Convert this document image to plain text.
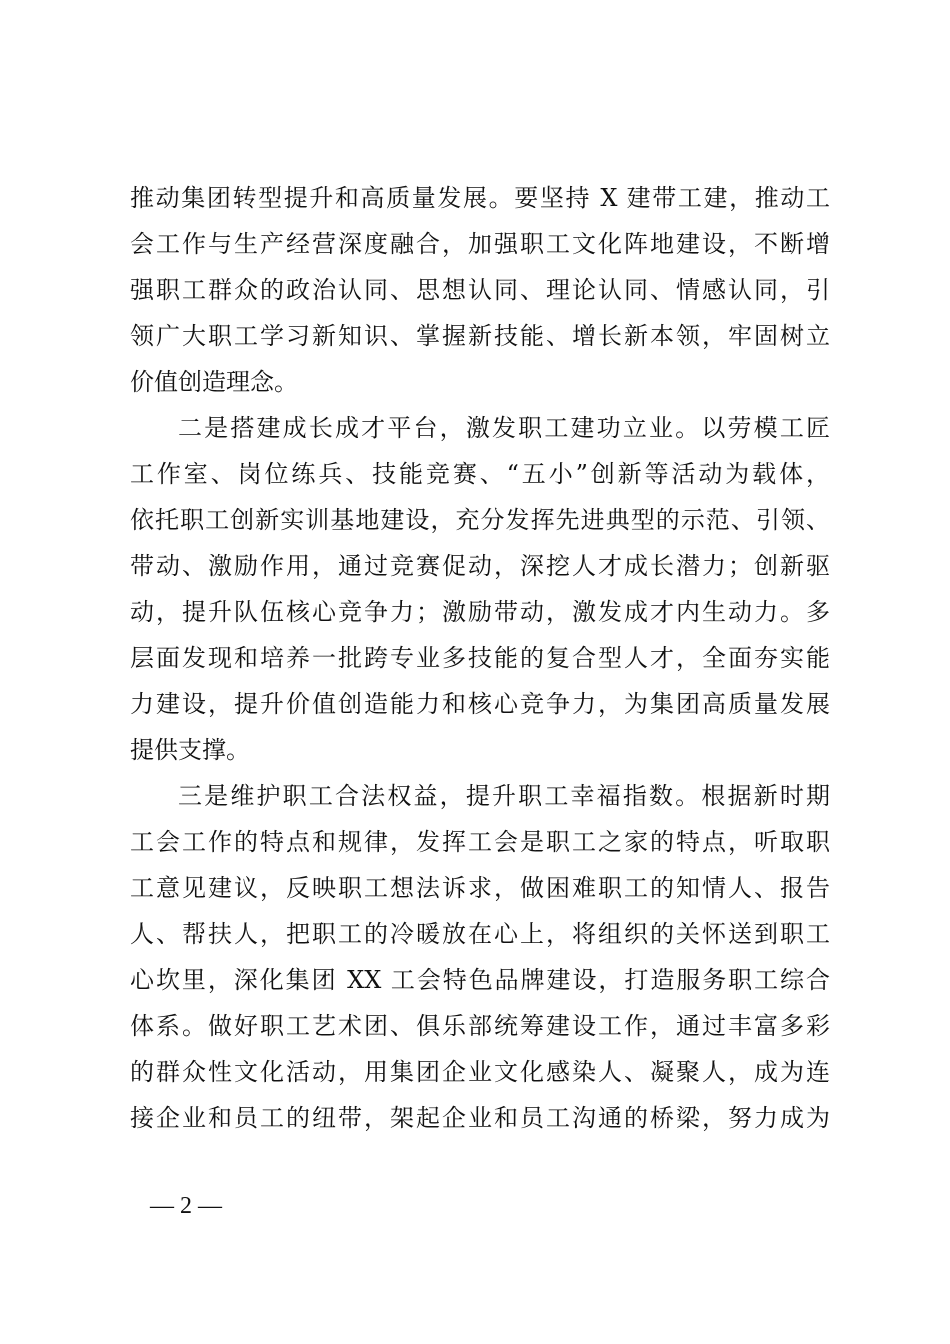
推动集团转型提升和高质量发展。要坚持 X 建带工建，推动工
会工作与生产经营深度融合，加强职工文化阵地建设，不断增
强职工群众的政治认同、思想认同、理论认同、情感认同，引
领广大职工学习新知识、掌握新技能、增长新本领，牢固树立
价值创造理念。
二是搭建成长成才平台，激发职工建功立业。以劳模工匠
工作室、岗位练兵、技能竞赛、“五小”创新等活动为载体，
依托职工创新实训基地建设，充分发挥先进典型的示范、引领、
带动、激励作用，通过竞赛促动，深挖人才成长潜力；创新驱
动，提升队伍核心竞争力；激励带动，激发成才内生动力。多
层面发现和培养一批跨专业多技能的复合型人才，全面夯实能
力建设，提升价值创造能力和核心竞争力，为集团高质量发展
提供支撑。
三是维护职工合法权益，提升职工幸福指数。根据新时期
工会工作的特点和规律，发挥工会是职工之家的特点，听取职
工意见建议，反映职工想法诉求，做困难职工的知情人、报告
人、帮扶人，把职工的冷暖放在心上，将组织的关怀送到职工
心坎里，深化集团 XX 工会特色品牌建设，打造服务职工综合
体系。做好职工艺术团、俱乐部统筹建设工作，通过丰富多彩
的群众性文化活动，用集团企业文化感染人、凝聚人，成为连
接企业和员工的纽带，架起企业和员工沟通的桥梁，努力成为
— 2 —
